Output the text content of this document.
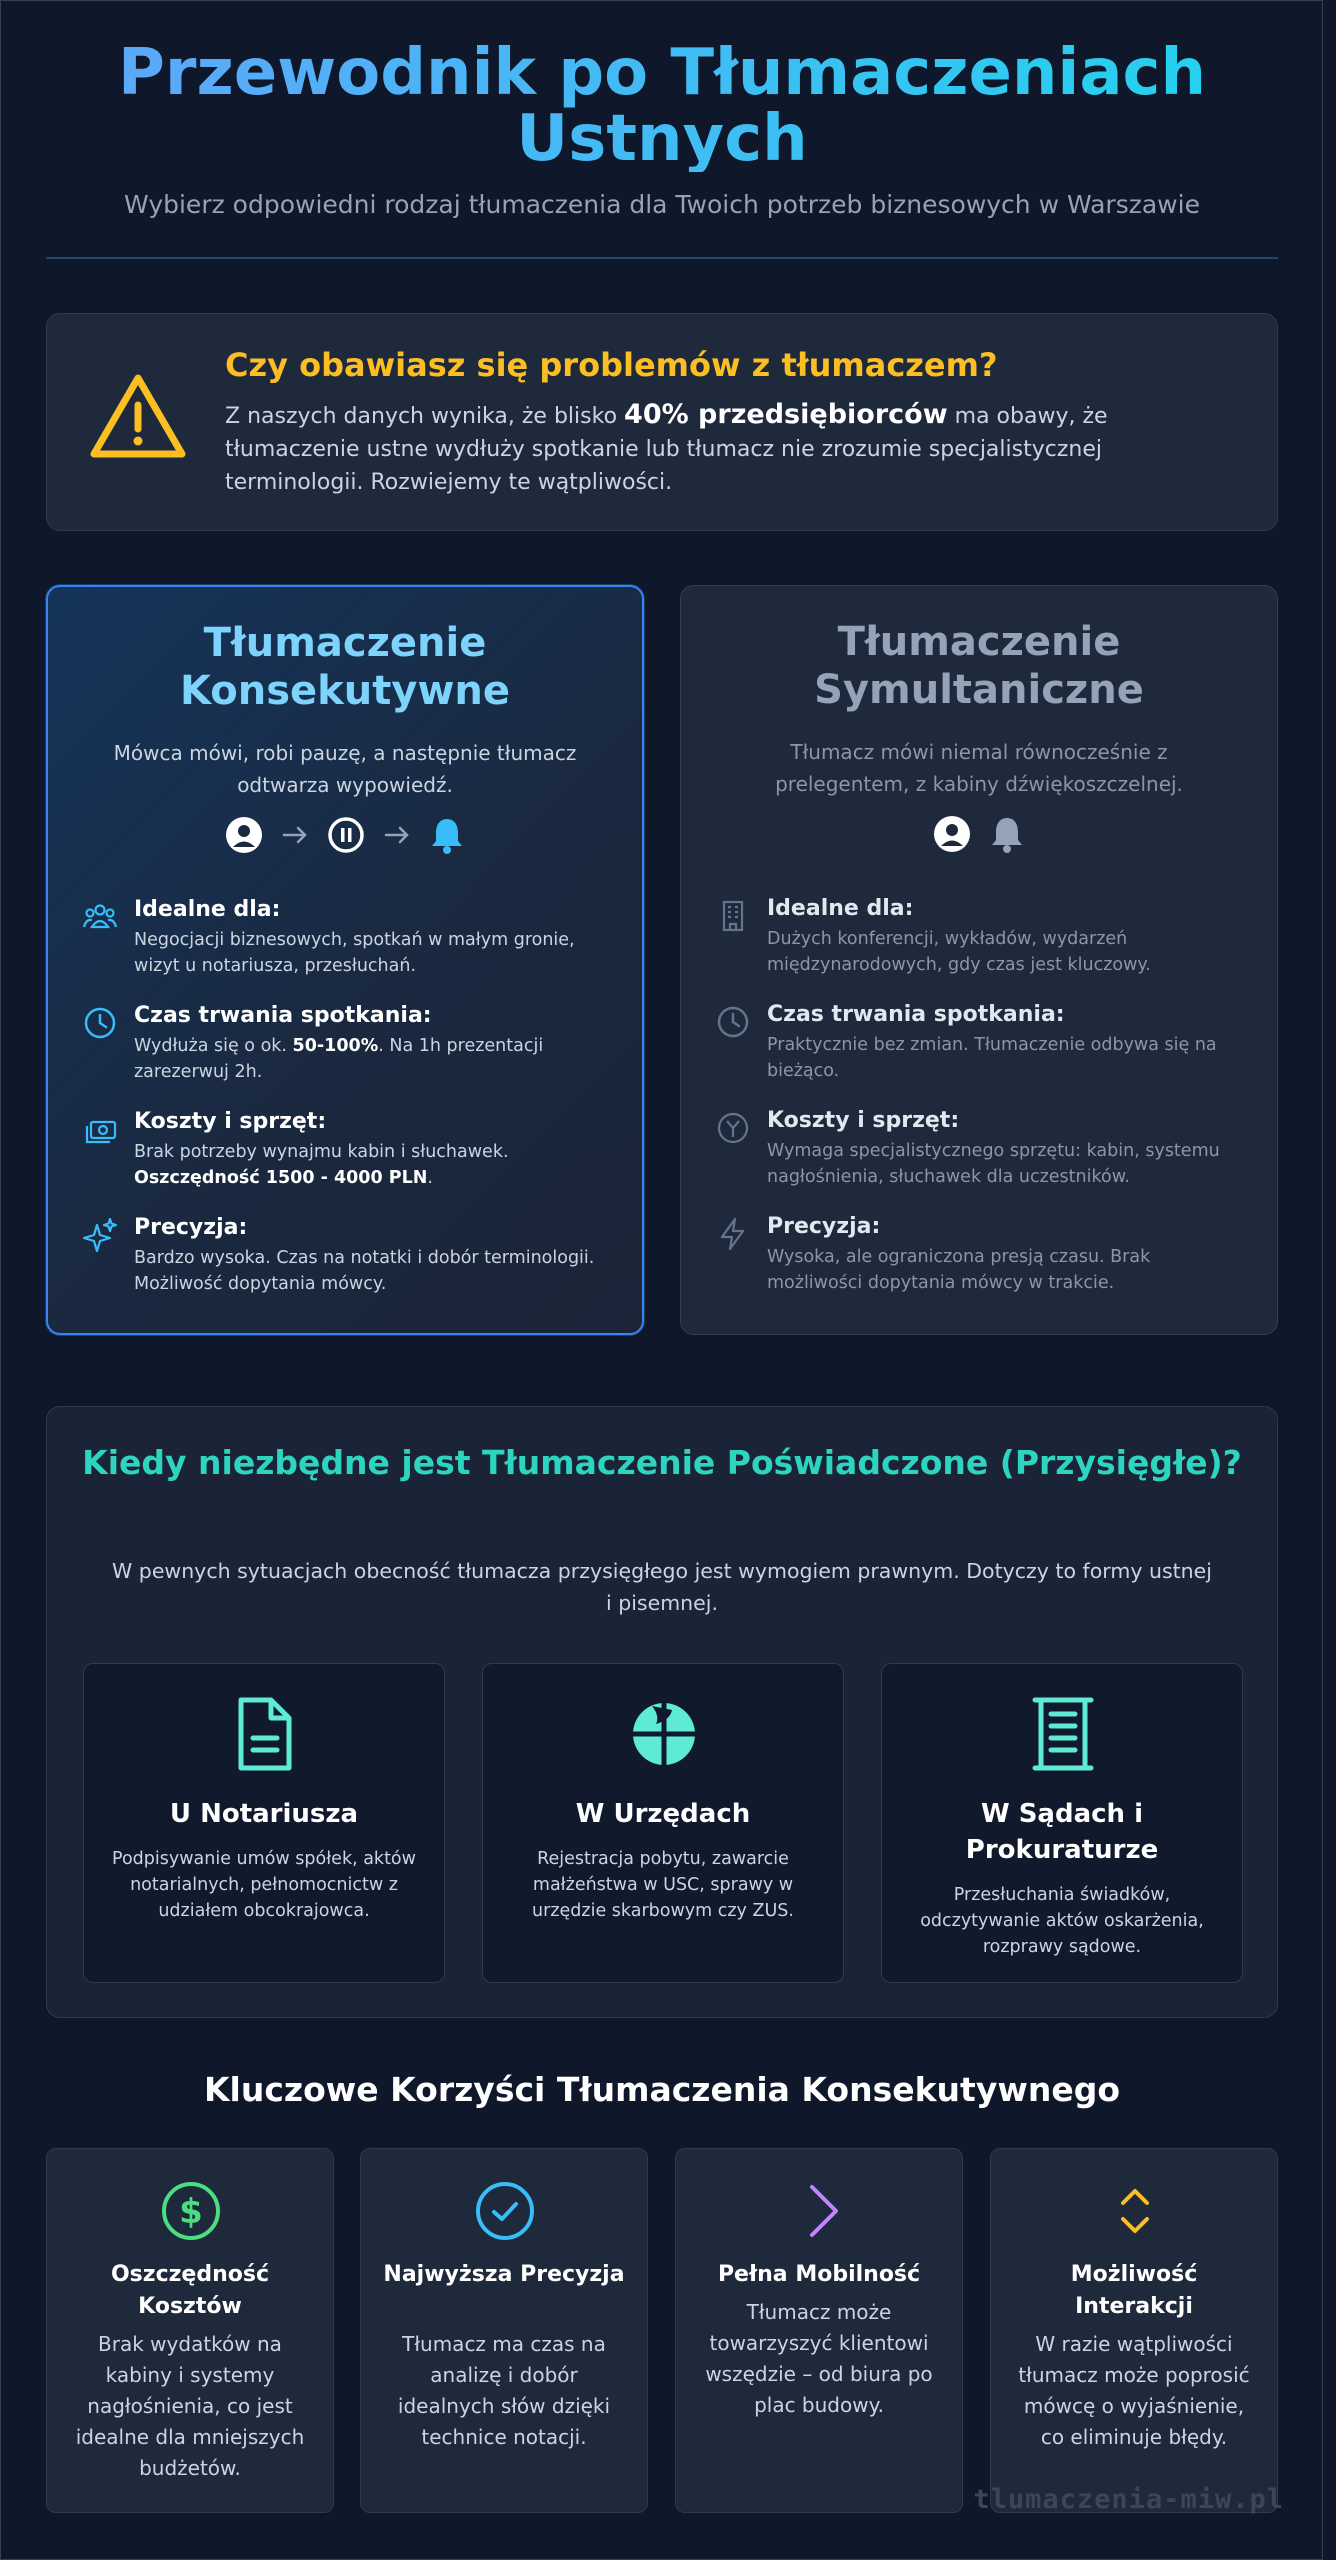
Przewodnik po Tłumaczeniach Ustnych

Wybierz odpowiedni rodzaj tłumaczenia dla Twoich potrzeb biznesowych w Warszawie

Czy obawiasz się problemów z tłumaczem?
Z naszych danych wynika, że blisko 40% przedsiębiorców ma obawy, że tłumaczenie ustne wydłuży spotkanie lub tłumacz nie zrozumie specjalistycznej terminologii. Rozwiejemy te wątpliwości.
Tłumaczenie Konsekutywne
Mówca mówi, robi pauzę, a następnie tłumacz odtwarza wypowiedź.
Idealne dla:
Negocjacji biznesowych, spotkań w małym gronie, wizyt u notariusza, przesłuchań.
Czas trwania spotkania:
Wydłuża się o ok. 50-100%. Na 1h prezentacji zarezerwuj 2h.
Koszty i sprzęt:
Brak potrzeby wynajmu kabin i słuchawek. Oszczędność 1500 - 4000 PLN.
Precyzja:
Bardzo wysoka. Czas na notatki i dobór terminologii. Możliwość dopytania mówcy.
Tłumaczenie Symultaniczne
Tłumacz mówi niemal równocześnie z prelegentem, z kabiny dźwiękoszczelnej.
Idealne dla:
Dużych konferencji, wykładów, wydarzeń międzynarodowych, gdy czas jest kluczowy.
Czas trwania spotkania:
Praktycznie bez zmian. Tłumaczenie odbywa się na bieżąco.
Koszty i sprzęt:
Wymaga specjalistycznego sprzętu: kabin, systemu nagłośnienia, słuchawek dla uczestników.
Precyzja:
Wysoka, ale ograniczona presją czasu. Brak możliwości dopytania mówcy w trakcie.
Kiedy niezbędne jest Tłumaczenie Poświadczone (Przysięgłe)?
W pewnych sytuacjach obecność tłumacza przysięgłego jest wymogiem prawnym. Dotyczy to formy ustnej i pisemnej.
U Notariusza
Podpisywanie umów spółek, aktów notarialnych, pełnomocnictw z udziałem obcokrajowca.
W Urzędach
Rejestracja pobytu, zawarcie małżeństwa w USC, sprawy w urzędzie skarbowym czy ZUS.
W Sądach i Prokuraturze
Przesłuchania świadków, odczytywanie aktów oskarżenia, rozprawy sądowe.
Kluczowe Korzyści Tłumaczenia Konsekutywnego
$
Oszczędność Kosztów
Brak wydatków na kabiny i systemy nagłośnienia, co jest idealne dla mniejszych budżetów.
Najwyższa Precyzja
Tłumacz ma czas na analizę i dobór idealnych słów dzięki technice notacji.
Pełna Mobilność
Tłumacz może towarzyszyć klientowi wszędzie – od biura po plac budowy.
Możliwość Interakcji
W razie wątpliwości tłumacz może poprosić mówcę o wyjaśnienie, co eliminuje błędy.
tlumaczenia-miw.pl
